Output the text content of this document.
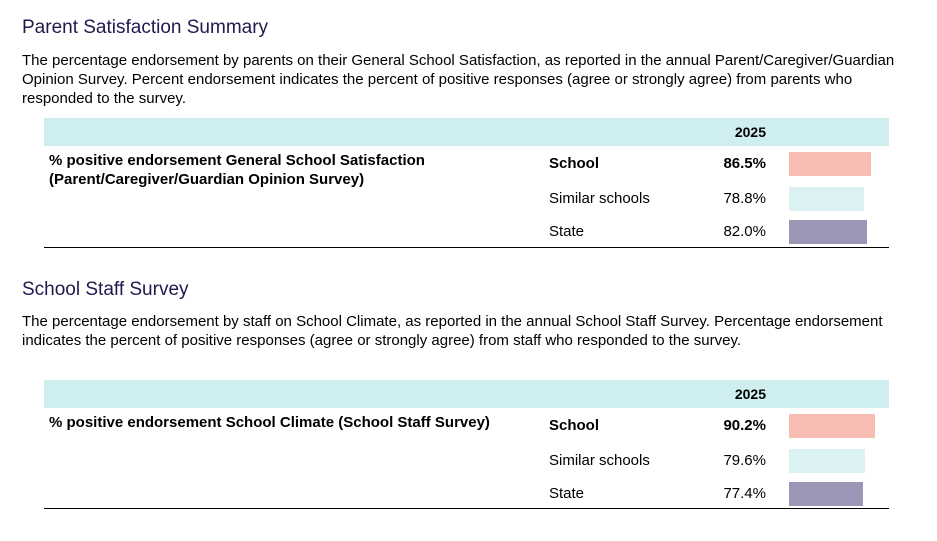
Parent Satisfaction Summary

The percentage endorsement by parents on their General School Satisfaction, as reported in the annual Parent/Caregiver/Guardian Opinion Survey. Percent endorsement indicates the percent of positive responses (agree or strongly agree) from parents who responded to the survey.

2025
% positive endorsement General School Satisfaction (Parent/Caregiver/Guardian Opinion Survey)
School	86.5%
Similar schools	78.8%
State	82.0%
School Staff Survey

The percentage endorsement by staff on School Climate, as reported in the annual School Staff Survey. Percentage endorsement indicates the percent of positive responses (agree or strongly agree) from staff who responded to the survey.

2025
% positive endorsement School Climate (School Staff Survey)	School	90.2%
Similar schools	79.6%
State	77.4%
